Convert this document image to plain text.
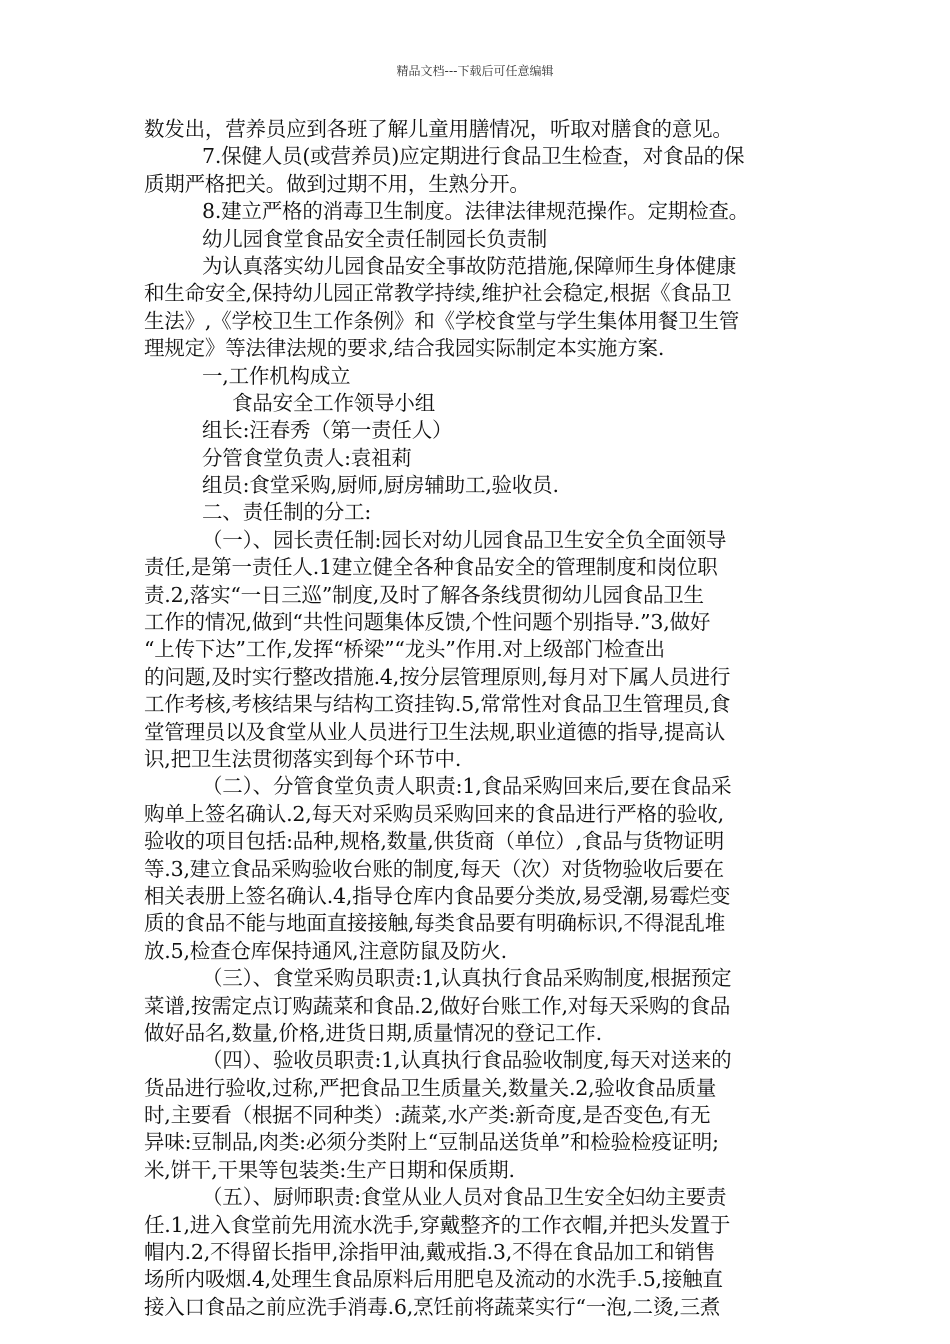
精品文档---下载后可任意编辑
数发出，营养员应到各班了解儿童用膳情况，听取对膳食的意见。
7.保健人员(或营养员)应定期进行食品卫生检查，对食品的保
质期严格把关。做到过期不用，生熟分开。
8.建立严格的消毒卫生制度。法律法律规范操作。定期检查。
幼儿园食堂食品安全责任制园长负责制
为认真落实幼儿园食品安全事故防范措施,保障师生身体健康
和生命安全,保持幼儿园正常教学持续,维护社会稳定,根据《食品卫
生法》,《学校卫生工作条例》和《学校食堂与学生集体用餐卫生管
理规定》等法律法规的要求,结合我园实际制定本实施方案.
一,工作机构成立
食品安全工作领导小组
组长:汪春秀（第一责任人）
分管食堂负责人:袁祖莉
组员:食堂采购,厨师,厨房辅助工,验收员.
二、责任制的分工:
（一）、园长责任制:园长对幼儿园食品卫生安全负全面领导
责任,是第一责任人.1建立健全各种食品安全的管理制度和岗位职
责.2,落实“一日三巡”制度,及时了解各条线贯彻幼儿园食品卫生
工作的情况,做到“共性问题集体反馈,个性问题个别指导.”3,做好
“上传下达”工作,发挥“桥梁”“龙头”作用.对上级部门检查出
的问题,及时实行整改措施.4,按分层管理原则,每月对下属人员进行
工作考核,考核结果与结构工资挂钩.5,常常性对食品卫生管理员,食
堂管理员以及食堂从业人员进行卫生法规,职业道德的指导,提高认
识,把卫生法贯彻落实到每个环节中.
（二）、分管食堂负责人职责:1,食品采购回来后,要在食品采
购单上签名确认.2,每天对采购员采购回来的食品进行严格的验收,
验收的项目包括:品种,规格,数量,供货商（单位）,食品与货物证明
等.3,建立食品采购验收台账的制度,每天（次）对货物验收后要在
相关表册上签名确认.4,指导仓库内食品要分类放,易受潮,易霉烂变
质的食品不能与地面直接接触,每类食品要有明确标识,不得混乱堆
放.5,检查仓库保持通风,注意防鼠及防火.
（三）、食堂采购员职责:1,认真执行食品采购制度,根据预定
菜谱,按需定点订购蔬菜和食品.2,做好台账工作,对每天采购的食品
做好品名,数量,价格,进货日期,质量情况的登记工作.
（四）、验收员职责:1,认真执行食品验收制度,每天对送来的
货品进行验收,过称,严把食品卫生质量关,数量关.2,验收食品质量
时,主要看（根据不同种类）:蔬菜,水产类:新奇度,是否变色,有无
异味:豆制品,肉类:必须分类附上“豆制品送货单”和检验检疫证明;
米,饼干,干果等包装类:生产日期和保质期.
（五）、厨师职责:食堂从业人员对食品卫生安全妇幼主要责
任.1,进入食堂前先用流水洗手,穿戴整齐的工作衣帽,并把头发置于
帽内.2,不得留长指甲,涂指甲油,戴戒指.3,不得在食品加工和销售
场所内吸烟.4,处理生食品原料后用肥皂及流动的水洗手.5,接触直
接入口食品之前应洗手消毒.6,烹饪前将蔬菜实行“一泡,二烫,三煮
